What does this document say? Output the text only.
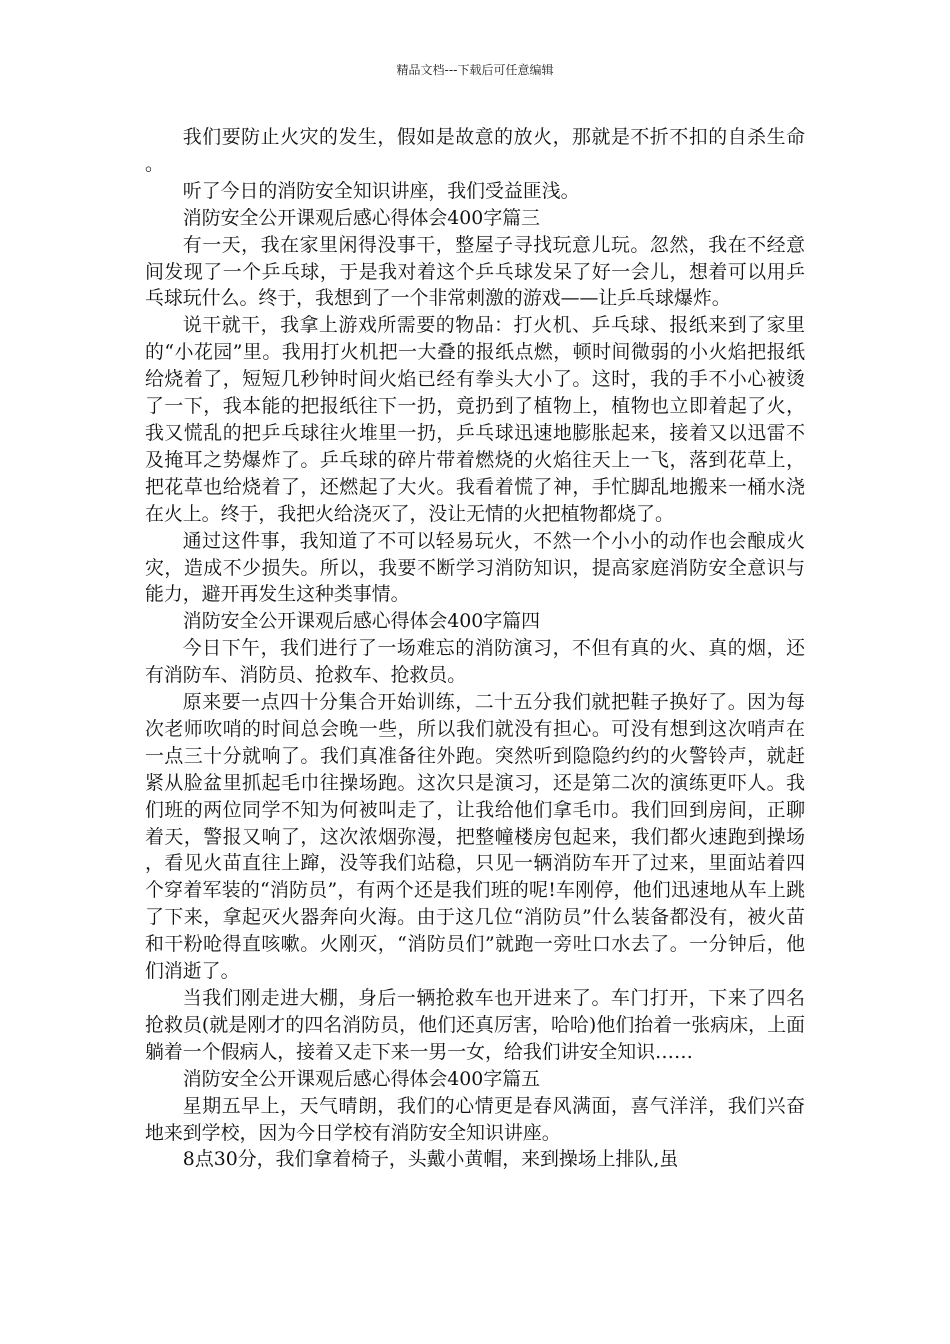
精品文档---下载后可任意编辑

我们要防止火灾的发生，假如是故意的放火，那就是不折不扣的自杀生命。

听了今日的消防安全知识讲座，我们受益匪浅。

消防安全公开课观后感心得体会400字篇三

有一天，我在家里闲得没事干，整屋子寻找玩意儿玩。忽然，我在不经意间发现了一个乒乓球，于是我对着这个乒乓球发呆了好一会儿，想着可以用乒乓球玩什么。终于，我想到了一个非常刺激的游戏——让乒乓球爆炸。

说干就干，我拿上游戏所需要的物品：打火机、乒乓球、报纸来到了家里的“小花园”里。我用打火机把一大叠的报纸点燃，顿时间微弱的小火焰把报纸给烧着了，短短几秒钟时间火焰已经有拳头大小了。这时，我的手不小心被烫了一下，我本能的把报纸往下一扔，竟扔到了植物上，植物也立即着起了火，我又慌乱的把乒乓球往火堆里一扔，乒乓球迅速地膨胀起来，接着又以迅雷不及掩耳之势爆炸了。乒乓球的碎片带着燃烧的火焰往天上一飞，落到花草上，把花草也给烧着了，还燃起了大火。我看着慌了神，手忙脚乱地搬来一桶水浇在火上。终于，我把火给浇灭了，没让无情的火把植物都烧了。

通过这件事，我知道了不可以轻易玩火，不然一个小小的动作也会酿成火灾，造成不少损失。所以，我要不断学习消防知识，提高家庭消防安全意识与能力，避开再发生这种类事情。

消防安全公开课观后感心得体会400字篇四

今日下午，我们进行了一场难忘的消防演习，不但有真的火、真的烟，还有消防车、消防员、抢救车、抢救员。

原来要一点四十分集合开始训练，二十五分我们就把鞋子换好了。因为每次老师吹哨的时间总会晚一些，所以我们就没有担心。可没有想到这次哨声在一点三十分就响了。我们真准备往外跑。突然听到隐隐约约的火警铃声，就赶紧从脸盆里抓起毛巾往操场跑。这次只是演习，还是第二次的演练更吓人。我们班的两位同学不知为何被叫走了，让我给他们拿毛巾。我们回到房间，正聊着天，警报又响了，这次浓烟弥漫，把整幢楼房包起来，我们都火速跑到操场，看见火苗直往上蹿，没等我们站稳，只见一辆消防车开了过来，里面站着四个穿着军装的“消防员”，有两个还是我们班的呢!车刚停，他们迅速地从车上跳了下来，拿起灭火器奔向火海。由于这几位“消防员”什么装备都没有，被火苗和干粉呛得直咳嗽。火刚灭，“消防员们”就跑一旁吐口水去了。一分钟后，他们消逝了。

当我们刚走进大棚，身后一辆抢救车也开进来了。车门打开，下来了四名抢救员(就是刚才的四名消防员，他们还真厉害，哈哈)他们抬着一张病床，上面躺着一个假病人，接着又走下来一男一女，给我们讲安全知识……

消防安全公开课观后感心得体会400字篇五

星期五早上，天气晴朗，我们的心情更是春风满面，喜气洋洋，我们兴奋地来到学校，因为今日学校有消防安全知识讲座。

8点30分，我们拿着椅子，头戴小黄帽，来到操场上排队,虽
